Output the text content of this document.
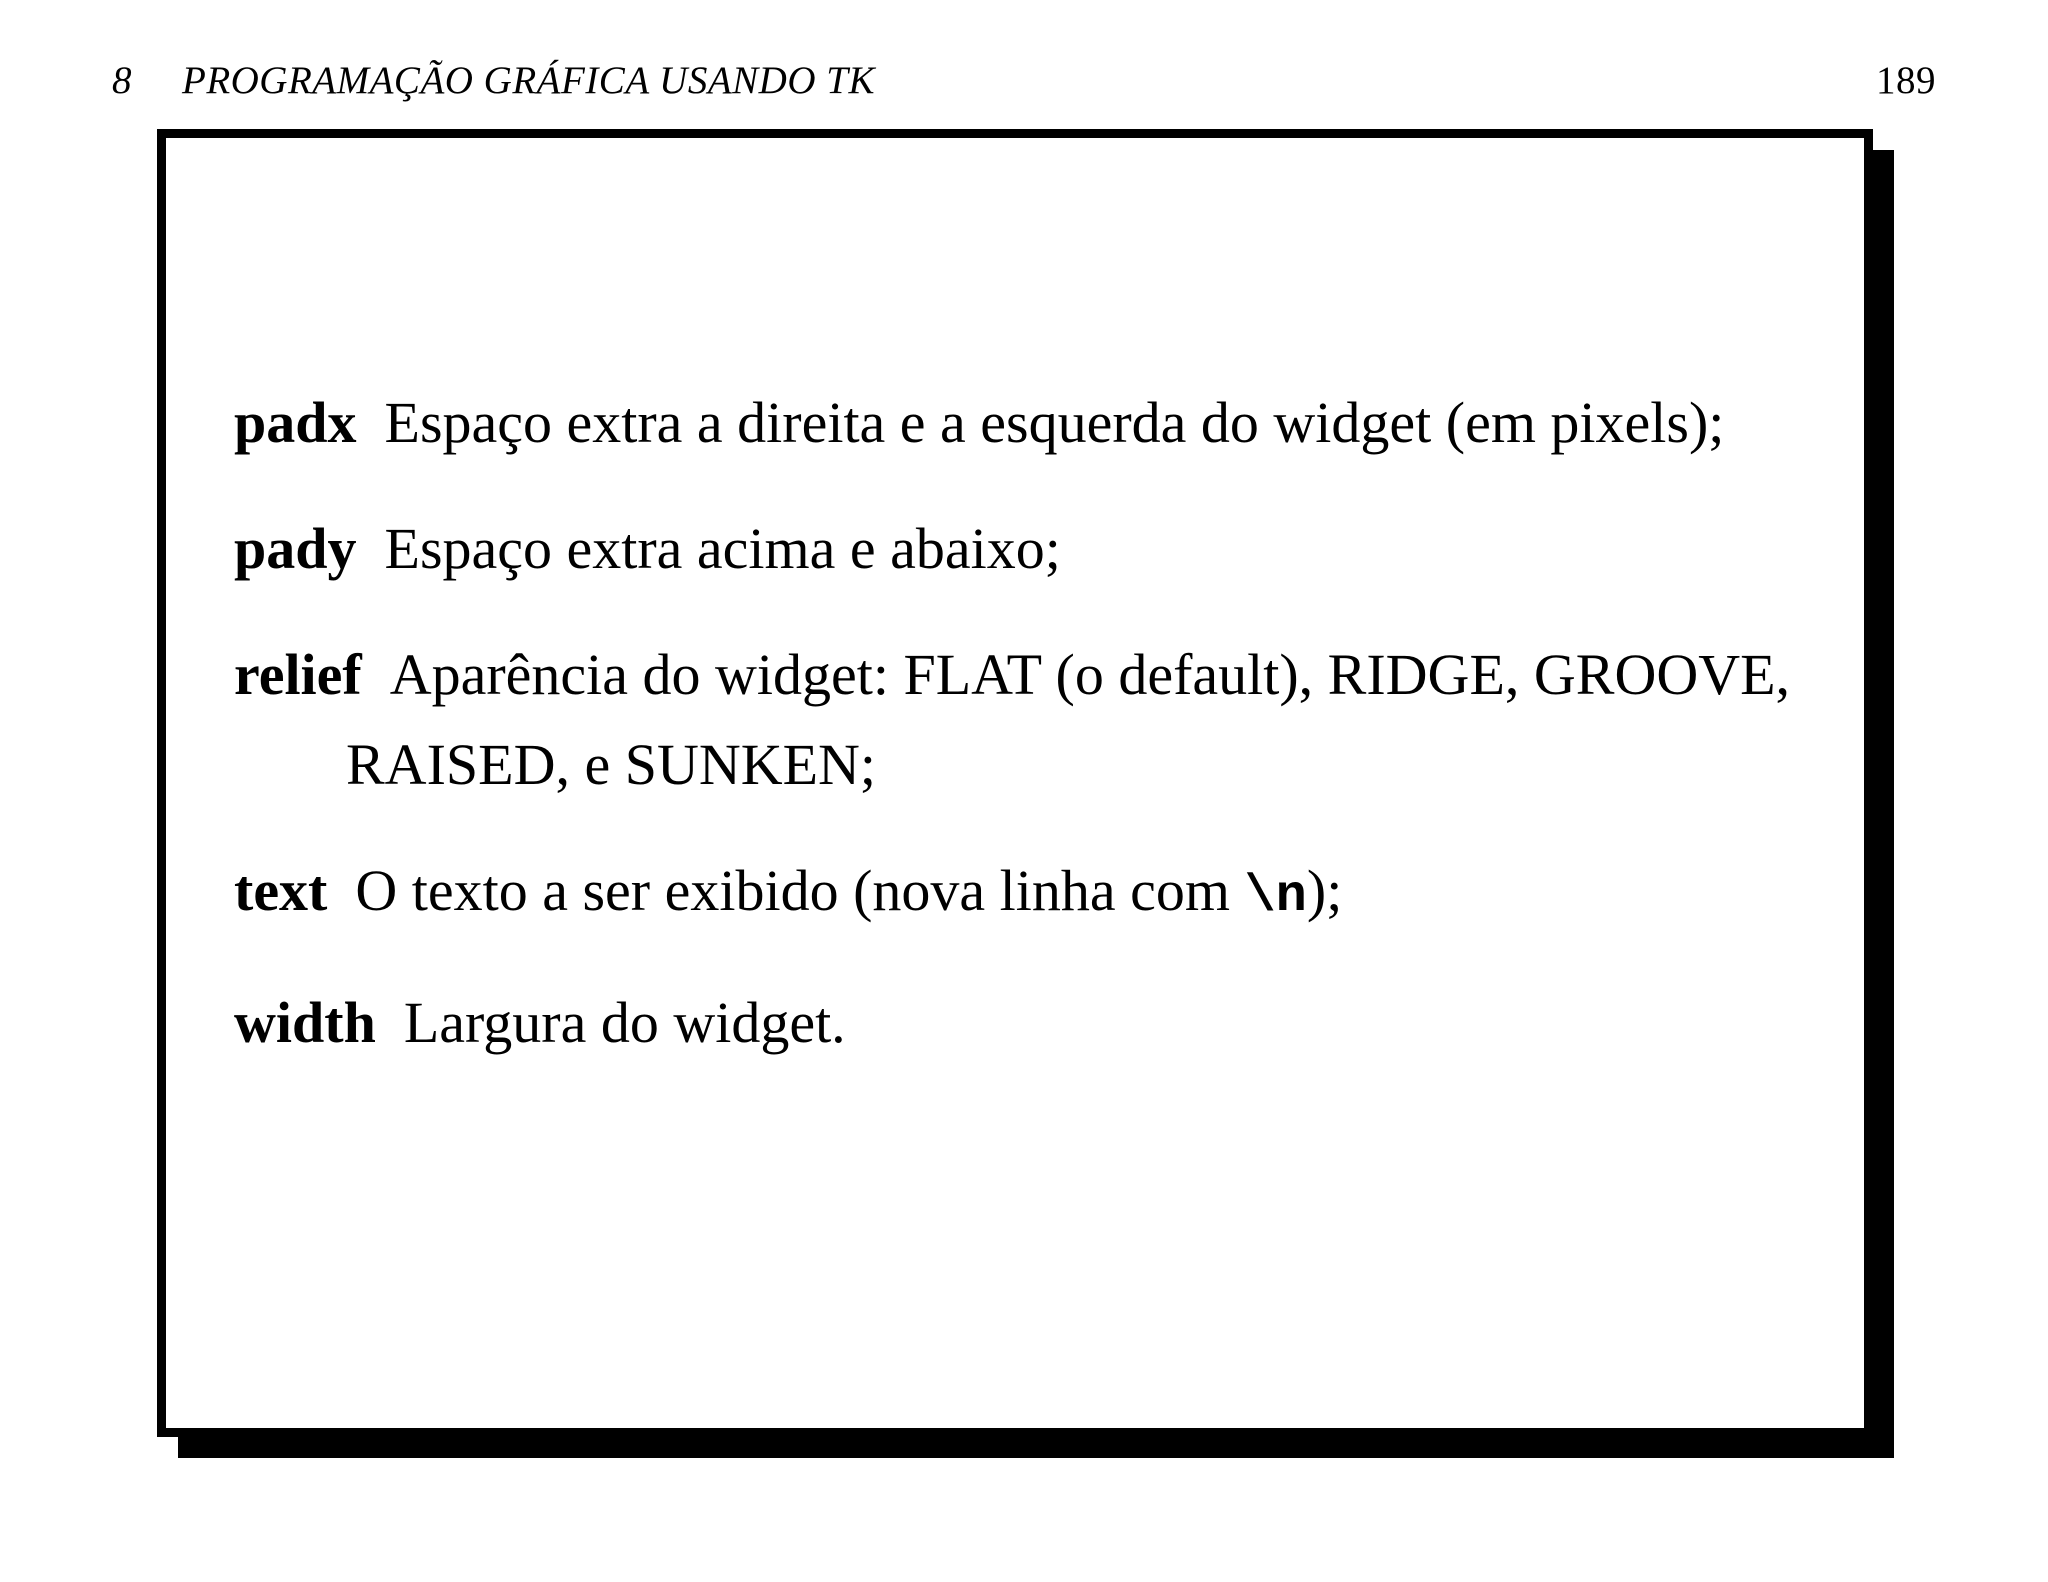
8 PROGRAMAÇÃO GRÁFICA USANDO TK	189
padx Espaço extra a direita e a esquerda do widget (em pixels);
pady Espaço extra acima e abaixo;
relief Aparência do widget: FLAT (o default), RIDGE, GROOVE, RAISED, e SUNKEN;
text O texto a ser exibido (nova linha com \n);
width Largura do widget.
